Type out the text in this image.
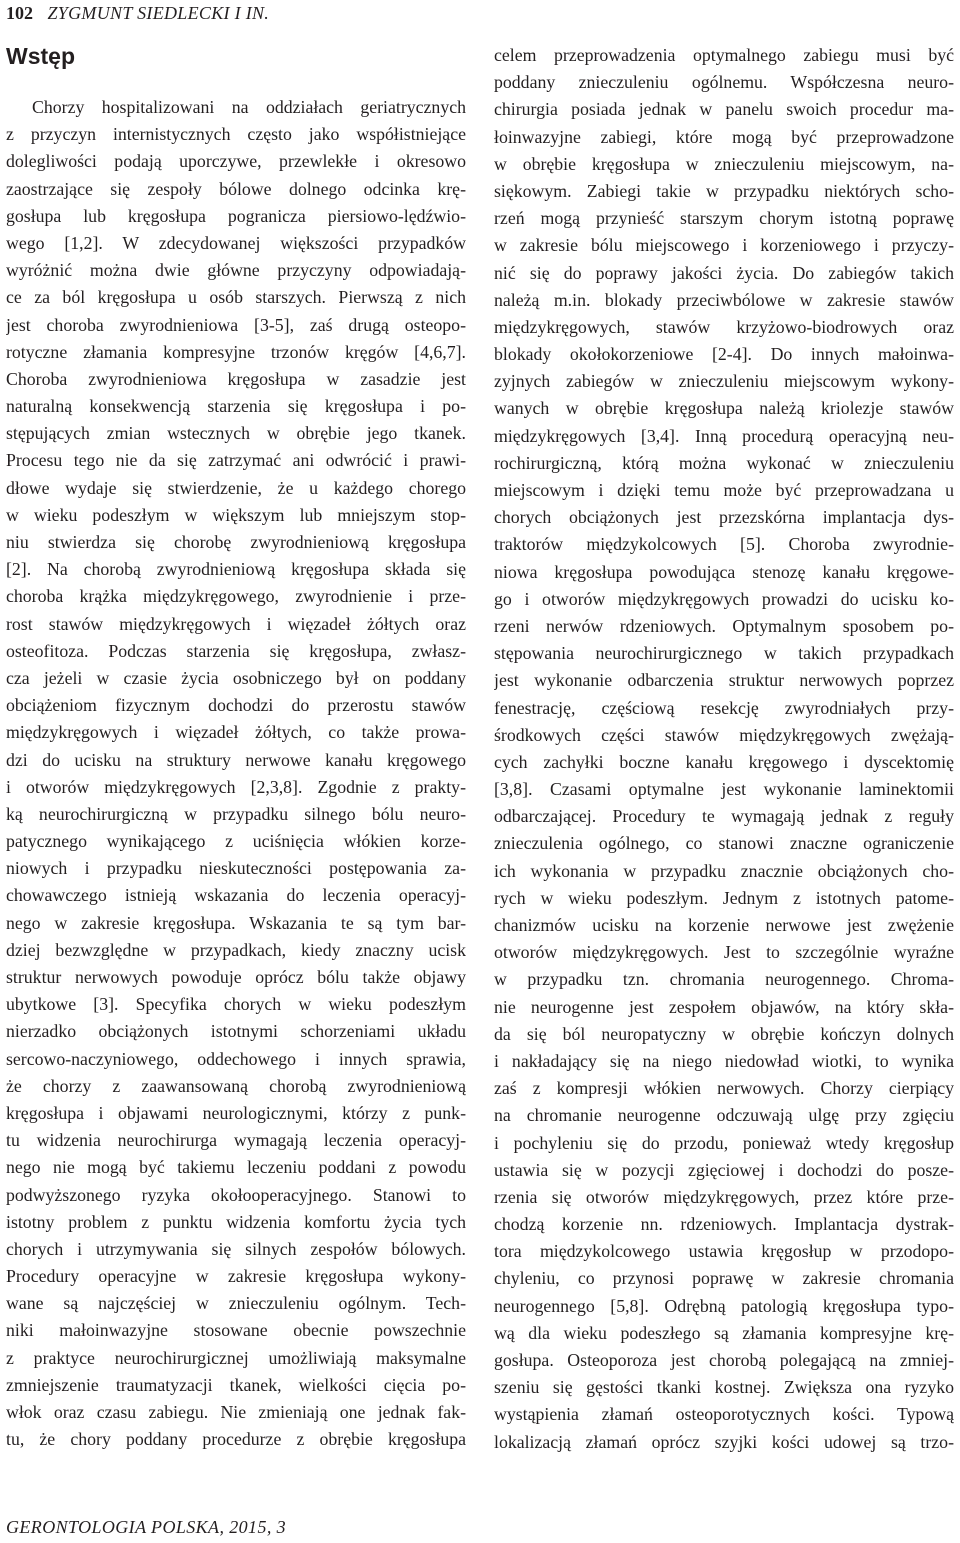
102 ZYGMUNT SIEDLECKI I IN.
Wstęp
Chorzy hospitalizowani na oddziałach geriatrycznych
z przyczyn internistycznych często jako współistniejące
dolegliwości podają uporczywe, przewlekłe i okresowo
zaostrzające się zespoły bólowe dolnego odcinka krę-
gosłupa lub kręgosłupa pogranicza piersiowo-lędźwio-
wego [1,2]. W zdecydowanej większości przypadków
wyróżnić można dwie główne przyczyny odpowiadają-
ce za ból kręgosłupa u osób starszych. Pierwszą z nich
jest choroba zwyrodnieniowa [3-5], zaś drugą osteopo-
rotyczne złamania kompresyjne trzonów kręgów [4,6,7].
Choroba zwyrodnieniowa kręgosłupa w zasadzie jest
naturalną konsekwencją starzenia się kręgosłupa i po-
stępujących zmian wstecznych w obrębie jego tkanek.
Procesu tego nie da się zatrzymać ani odwrócić i prawi-
dłowe wydaje się stwierdzenie, że u każdego chorego
w wieku podeszłym w większym lub mniejszym stop-
niu stwierdza się chorobę zwyrodnieniową kręgosłupa
[2]. Na chorobą zwyrodnieniową kręgosłupa składa się
choroba krążka międzykręgowego, zwyrodnienie i prze-
rost stawów międzykręgowych i więzadeł żółtych oraz
osteofitoza. Podczas starzenia się kręgosłupa, zwłasz-
cza jeżeli w czasie życia osobniczego był on poddany
obciążeniom fizycznym dochodzi do przerostu stawów
międzykręgowych i więzadeł żółtych, co także prowa-
dzi do ucisku na struktury nerwowe kanału kręgowego
i otworów międzykręgowych [2,3,8]. Zgodnie z prakty-
ką neurochirurgiczną w przypadku silnego bólu neuro-
patycznego wynikającego z uciśnięcia włókien korze-
niowych i przypadku nieskuteczności postępowania za-
chowawczego istnieją wskazania do leczenia operacyj-
nego w zakresie kręgosłupa. Wskazania te są tym bar-
dziej bezwzględne w przypadkach, kiedy znaczny ucisk
struktur nerwowych powoduje oprócz bólu także objawy
ubytkowe [3]. Specyfika chorych w wieku podeszłym
nierzadko obciążonych istotnymi schorzeniami układu
sercowo-naczyniowego, oddechowego i innych sprawia,
że chorzy z zaawansowaną chorobą zwyrodnieniową
kręgosłupa i objawami neurologicznymi, którzy z punk-
tu widzenia neurochirurga wymagają leczenia operacyj-
nego nie mogą być takiemu leczeniu poddani z powodu
podwyższonego ryzyka okołooperacyjnego. Stanowi to
istotny problem z punktu widzenia komfortu życia tych
chorych i utrzymywania się silnych zespołów bólowych.
Procedury operacyjne w zakresie kręgosłupa wykony-
wane są najczęściej w znieczuleniu ogólnym. Tech-
niki małoinwazyjne stosowane obecnie powszechnie
z praktyce neurochirurgicznej umożliwiają maksymalne
zmniejszenie traumatyzacji tkanek, wielkości cięcia po-
włok oraz czasu zabiegu. Nie zmieniają one jednak fak-
tu, że chory poddany procedurze z obrębie kręgosłupa
celem przeprowadzenia optymalnego zabiegu musi być
poddany znieczuleniu ogólnemu. Współczesna neuro-
chirurgia posiada jednak w panelu swoich procedur ma-
łoinwazyjne zabiegi, które mogą być przeprowadzone
w obrębie kręgosłupa w znieczuleniu miejscowym, na-
siękowym. Zabiegi takie w przypadku niektórych scho-
rzeń mogą przynieść starszym chorym istotną poprawę
w zakresie bólu miejscowego i korzeniowego i przyczy-
nić się do poprawy jakości życia. Do zabiegów takich
należą m.in. blokady przeciwbólowe w zakresie stawów
międzykręgowych, stawów krzyżowo-biodrowych oraz
blokady okołokorzeniowe [2-4]. Do innych małoinwa-
zyjnych zabiegów w znieczuleniu miejscowym wykony-
wanych w obrębie kręgosłupa należą kriolezje stawów
międzykręgowych [3,4]. Inną procedurą operacyjną neu-
rochirurgiczną, którą można wykonać w znieczuleniu
miejscowym i dzięki temu może być przeprowadzana u
chorych obciążonych jest przezskórna implantacja dys-
traktorów międzykolcowych [5]. Choroba zwyrodnie-
niowa kręgosłupa powodująca stenozę kanału kręgowe-
go i otworów międzykręgowych prowadzi do ucisku ko-
rzeni nerwów rdzeniowych. Optymalnym sposobem po-
stępowania neurochirurgicznego w takich przypadkach
jest wykonanie odbarczenia struktur nerwowych poprzez
fenestrację, częściową resekcję zwyrodniałych przy-
środkowych części stawów międzykręgowych zwężają-
cych zachyłki boczne kanału kręgowego i dyscektomię
[3,8]. Czasami optymalne jest wykonanie laminektomii
odbarczającej. Procedury te wymagają jednak z reguły
znieczulenia ogólnego, co stanowi znaczne ograniczenie
ich wykonania w przypadku znacznie obciążonych cho-
rych w wieku podeszłym. Jednym z istotnych patome-
chanizmów ucisku na korzenie nerwowe jest zwężenie
otworów międzykręgowych. Jest to szczególnie wyraźne
w przypadku tzn. chromania neurogennego. Chroma-
nie neurogenne jest zespołem objawów, na który skła-
da się ból neuropatyczny w obrębie kończyn dolnych
i nakładający się na niego niedowład wiotki, to wynika
zaś z kompresji włókien nerwowych. Chorzy cierpiący
na chromanie neurogenne odczuwają ulgę przy zgięciu
i pochyleniu się do przodu, ponieważ wtedy kręgosłup
ustawia się w pozycji zgięciowej i dochodzi do posze-
rzenia się otworów międzykręgowych, przez które prze-
chodzą korzenie nn. rdzeniowych. Implantacja dystrak-
tora międzykolcowego ustawia kręgosłup w przodopo-
chyleniu, co przynosi poprawę w zakresie chromania
neurogennego [5,8]. Odrębną patologią kręgosłupa typo-
wą dla wieku podeszłego są złamania kompresyjne krę-
gosłupa. Osteoporoza jest chorobą polegającą na zmniej-
szeniu się gęstości tkanki kostnej. Zwiększa ona ryzyko
wystąpienia złamań osteoporotycznych kości. Typową
lokalizacją złamań oprócz szyjki kości udowej są trzo-
GERONTOLOGIA POLSKA, 2015, 3
